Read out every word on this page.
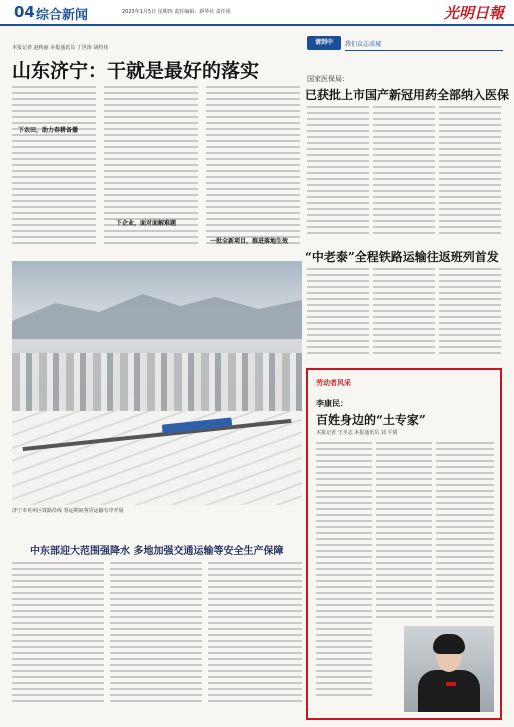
04 综合新闻	2023年1月5日 星期四 责任编辑：新华社 责任组	光明日報
本报记者 赵秋丽 本报通讯员 丁世涛 胡特伟
山东济宁：干就是最好的落实
下农田，助力春耕备播
下企业，面对面解难题
一批全新项目，推进落地生效
济宁市兖州区铁路沿线 春运期间客货运输有序开展
中东部迎大范围强降水 多地加强交通运输等安全生产保障
请到中	我们众志成城
国家医保局：
已获批上市国产新冠用药全部纳入医保
“中老泰”全程铁路运输往返班列首发
劳动者风采
李康民：
百姓身边的“土专家”
本报记者 王圣志 本报通讯员 刘 平倩
